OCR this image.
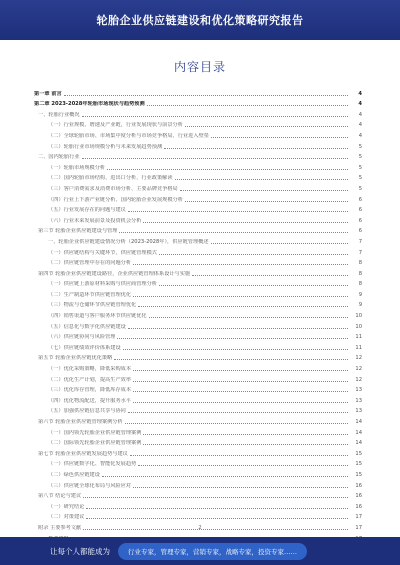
轮胎企业供应链建设和优化策略研究报告
内容目录
第一章 前言	4
第二章 2023-2028年轮胎市场现状与趋势预测	4
一、轮胎行业概况	4
（一）行业规模、增速及产业链，行业发展现状与前景分析	4
（二）全球轮胎市场、市场集中度分析与市场竞争格局、行业进入壁垒	4
（三）轮胎行业市场规模分析与未来发展趋势预测	5
二、国内轮胎行业	5
（一）轮胎市场规模分析	5
（二）国内轮胎市场结构、进出口分析、行业政策解读	5
（三）客户消费需求及消费市场分析、主要品牌竞争格局	5
（四）行业上下游产业链分析、国内轮胎企业发展规模分析	6
（五）行业发展存在的问题与建议	6
（六）行业未来发展前景及投资机会分析	6
第三节 轮胎企业供应链建设与管理	6
一、轮胎企业供应链建设情况分析（2023-2028年），供应链管理概述	7
（一）供应链结构与关键环节，供应链管理模式	7
（二）供应链管理中存在的问题分析	8
第四节 轮胎企业供应链建设路径，企业供应链管理体系设计与实施	8
（一）供应链上游原材料采购与供应商管理分析	8
（二）生产制造环节供应链管理优化	9
（三）物流与仓储环节供应链管理优化	9
（四）销售渠道与客户服务环节供应链优化	10
（五）信息化与数字化供应链建设	10
（六）供应链协同与风险管理	11
（七）供应链绩效评价体系建设	11
第五节 轮胎企业供应链优化策略	12
（一）优化采购策略，降低采购成本	12
（二）优化生产计划，提高生产效率	12
（三）优化库存管理，降低库存成本	13
（四）优化物流配送，提升服务水平	13
（五）加强供应链信息共享与协同	13
第六节 轮胎企业供应链管理案例分析	14
（一）国内领先轮胎企业供应链管理案例	14
（二）国际领先轮胎企业供应链管理案例	14
第七节 轮胎企业供应链发展趋势与建议	15
（一）供应链数字化、智能化发展趋势	15
（二）绿色供应链建设	15
（三）供应链全球化布局与风险应对	16
第八节 结论与建议	16
（一）研究结论	16
（二）对策建议	17
附录 主要参考文献	17
2
让每个人都能成为	行业专家，管理专家，营销专家，战略专家，投资专家……
